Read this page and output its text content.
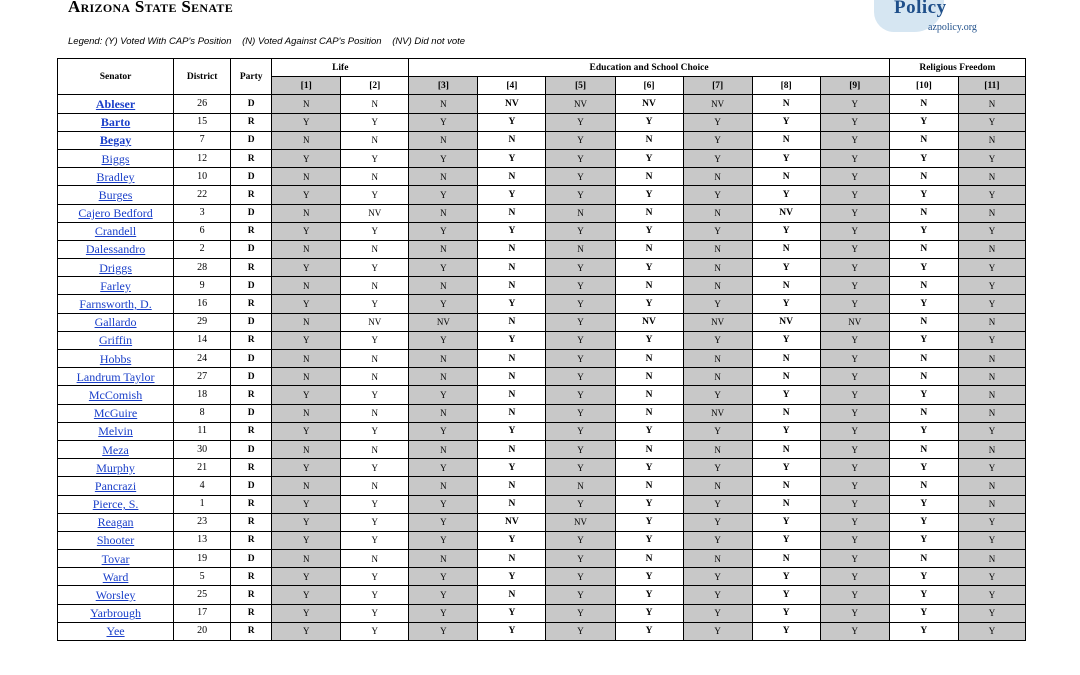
Arizona State Senate	Policy
azpolicy.org
Legend: (Y) Voted With CAP's Position (N) Voted Against CAP's Position (NV) Did not vote
Senator	District	Party	Life		Education and School Choice							Religious Freedom	
			[1]	[2]	[3]	[4]	[5]	[6]	[7]	[8]	[9]	[10]	[11]
Ableser	26	D	N	N	N	NV	NV	NV	NV	N	Y	N	N
Barto	15	R	Y	Y	Y	Y	Y	Y	Y	Y	Y	Y	Y
Begay	7	D	N	N	N	N	Y	N	Y	N	Y	N	N
Biggs	12	R	Y	Y	Y	Y	Y	Y	Y	Y	Y	Y	Y
Bradley	10	D	N	N	N	N	Y	N	N	N	Y	N	N
Burges	22	R	Y	Y	Y	Y	Y	Y	Y	Y	Y	Y	Y
Cajero Bedford	3	D	N	NV	N	N	N	N	N	NV	Y	N	N
Crandell	6	R	Y	Y	Y	Y	Y	Y	Y	Y	Y	Y	Y
Dalessandro	2	D	N	N	N	N	N	N	N	N	Y	N	N
Driggs	28	R	Y	Y	Y	N	Y	Y	N	Y	Y	Y	Y
Farley	9	D	N	N	N	N	Y	N	N	N	Y	N	Y
Farnsworth, D.	16	R	Y	Y	Y	Y	Y	Y	Y	Y	Y	Y	Y
Gallardo	29	D	N	NV	NV	N	Y	NV	NV	NV	NV	N	N
Griffin	14	R	Y	Y	Y	Y	Y	Y	Y	Y	Y	Y	Y
Hobbs	24	D	N	N	N	N	Y	N	N	N	Y	N	N
Landrum Taylor	27	D	N	N	N	N	Y	N	N	N	Y	N	N
McComish	18	R	Y	Y	Y	N	Y	N	Y	Y	Y	Y	N
McGuire	8	D	N	N	N	N	Y	N	NV	N	Y	N	N
Melvin	11	R	Y	Y	Y	Y	Y	Y	Y	Y	Y	Y	Y
Meza	30	D	N	N	N	N	Y	N	N	N	Y	N	N
Murphy	21	R	Y	Y	Y	Y	Y	Y	Y	Y	Y	Y	Y
Pancrazi	4	D	N	N	N	N	N	N	N	N	Y	N	N
Pierce, S.	1	R	Y	Y	Y	N	Y	Y	Y	N	Y	Y	N
Reagan	23	R	Y	Y	Y	NV	NV	Y	Y	Y	Y	Y	Y
Shooter	13	R	Y	Y	Y	Y	Y	Y	Y	Y	Y	Y	Y
Tovar	19	D	N	N	N	N	Y	N	N	N	Y	N	N
Ward	5	R	Y	Y	Y	Y	Y	Y	Y	Y	Y	Y	Y
Worsley	25	R	Y	Y	Y	N	Y	Y	Y	Y	Y	Y	Y
Yarbrough	17	R	Y	Y	Y	Y	Y	Y	Y	Y	Y	Y	Y
Yee	20	R	Y	Y	Y	Y	Y	Y	Y	Y	Y	Y	Y
